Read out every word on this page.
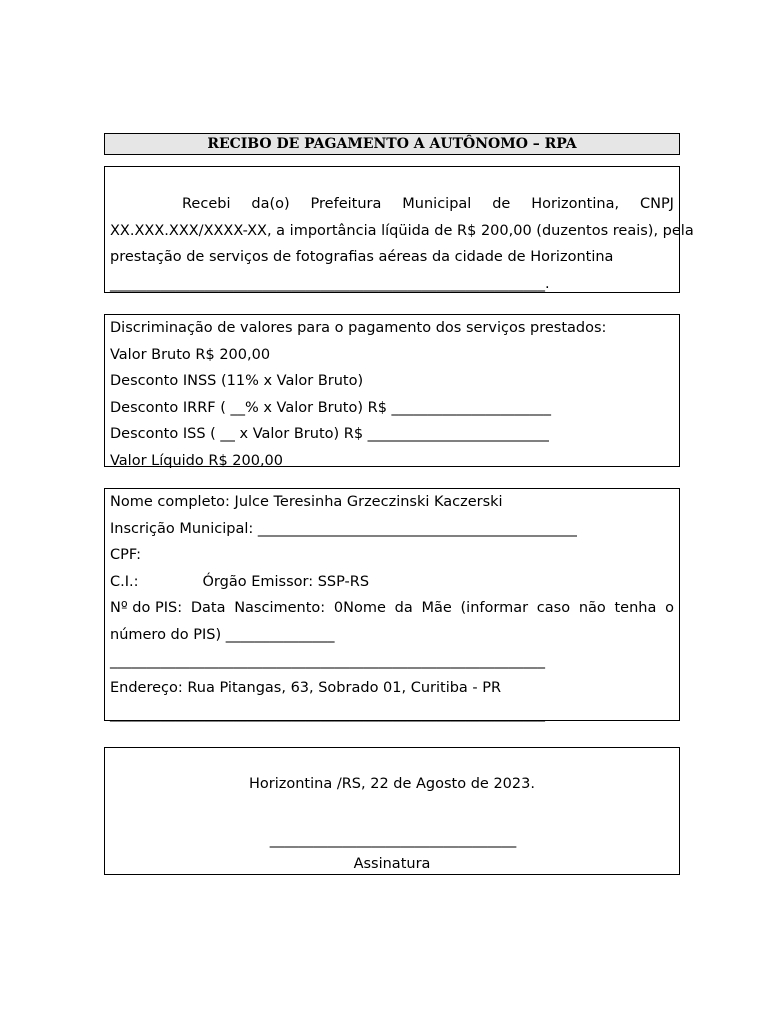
RECIBO DE PAGAMENTO A AUTÔNOMO – RPA
Recebi da(o) Prefeitura Municipal de Horizontina, CNPJ
XX.XXX.XXX/XXXX-XX, a importância líqüida de R$ 200,00 (duzentos reais), pela
prestação de serviços de fotografias aéreas da cidade de Horizontina
____________________________________________________________.
Discriminação de valores para o pagamento dos serviços prestados:
Valor Bruto R$ 200,00
Desconto INSS (11% x Valor Bruto)
Desconto IRRF ( __% x Valor Bruto) R$ ______________________
Desconto ISS ( __ x Valor Bruto) R$ _________________________
Valor Líquido R$ 200,00
Nome completo: Julce Teresinha Grzeczinski Kaczerski
Inscrição Municipal: ____________________________________________
CPF:
C.I.:	Órgão Emissor: SSP-RS
Nº do PIS: Data Nascimento: 0Nome da Mãe (informar caso não tenha o
número do PIS) _______________
____________________________________________________________
Endereço: Rua Pitangas, 63, Sobrado 01, Curitiba - PR
____________________________________________________________
Horizontina /RS, 22 de Agosto de 2023.
__________________________________
Assinatura
